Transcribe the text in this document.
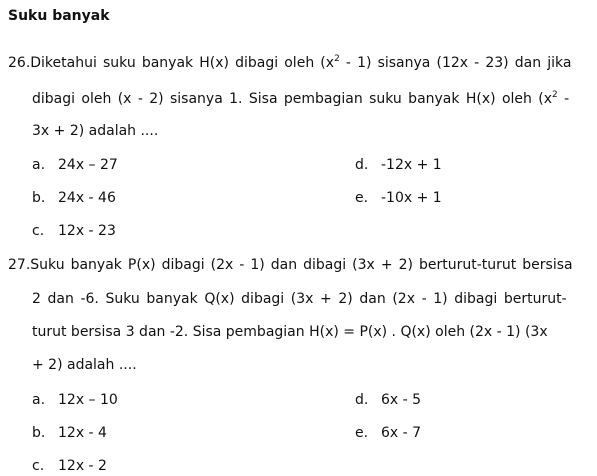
Suku banyak
26.Diketahui suku banyak H(x) dibagi oleh $(x^2 - 1)$ sisanya (12x - 23) dan jika
dibagi oleh (x - 2) sisanya 1. Sisa pembagian suku banyak H(x) oleh ($x^2$ -
3x + 2) adalah ....
a. 24x – 27
b. 24x - 46
c. 12x - 23
d. -12x + 1
e. -10x + 1
27.Suku banyak P(x) dibagi (2x - 1) dan dibagi (3x + 2) berturut-turut bersisa
2 dan -6. Suku banyak Q(x) dibagi (3x + 2) dan (2x - 1) dibagi berturut-
turut bersisa 3 dan -2. Sisa pembagian H(x) = P(x) . Q(x) oleh (2x - 1) (3x
+ 2) adalah ....
a. 12x – 10
b. 12x - 4
c. 12x - 2
d. 6x - 5
e. 6x - 7
